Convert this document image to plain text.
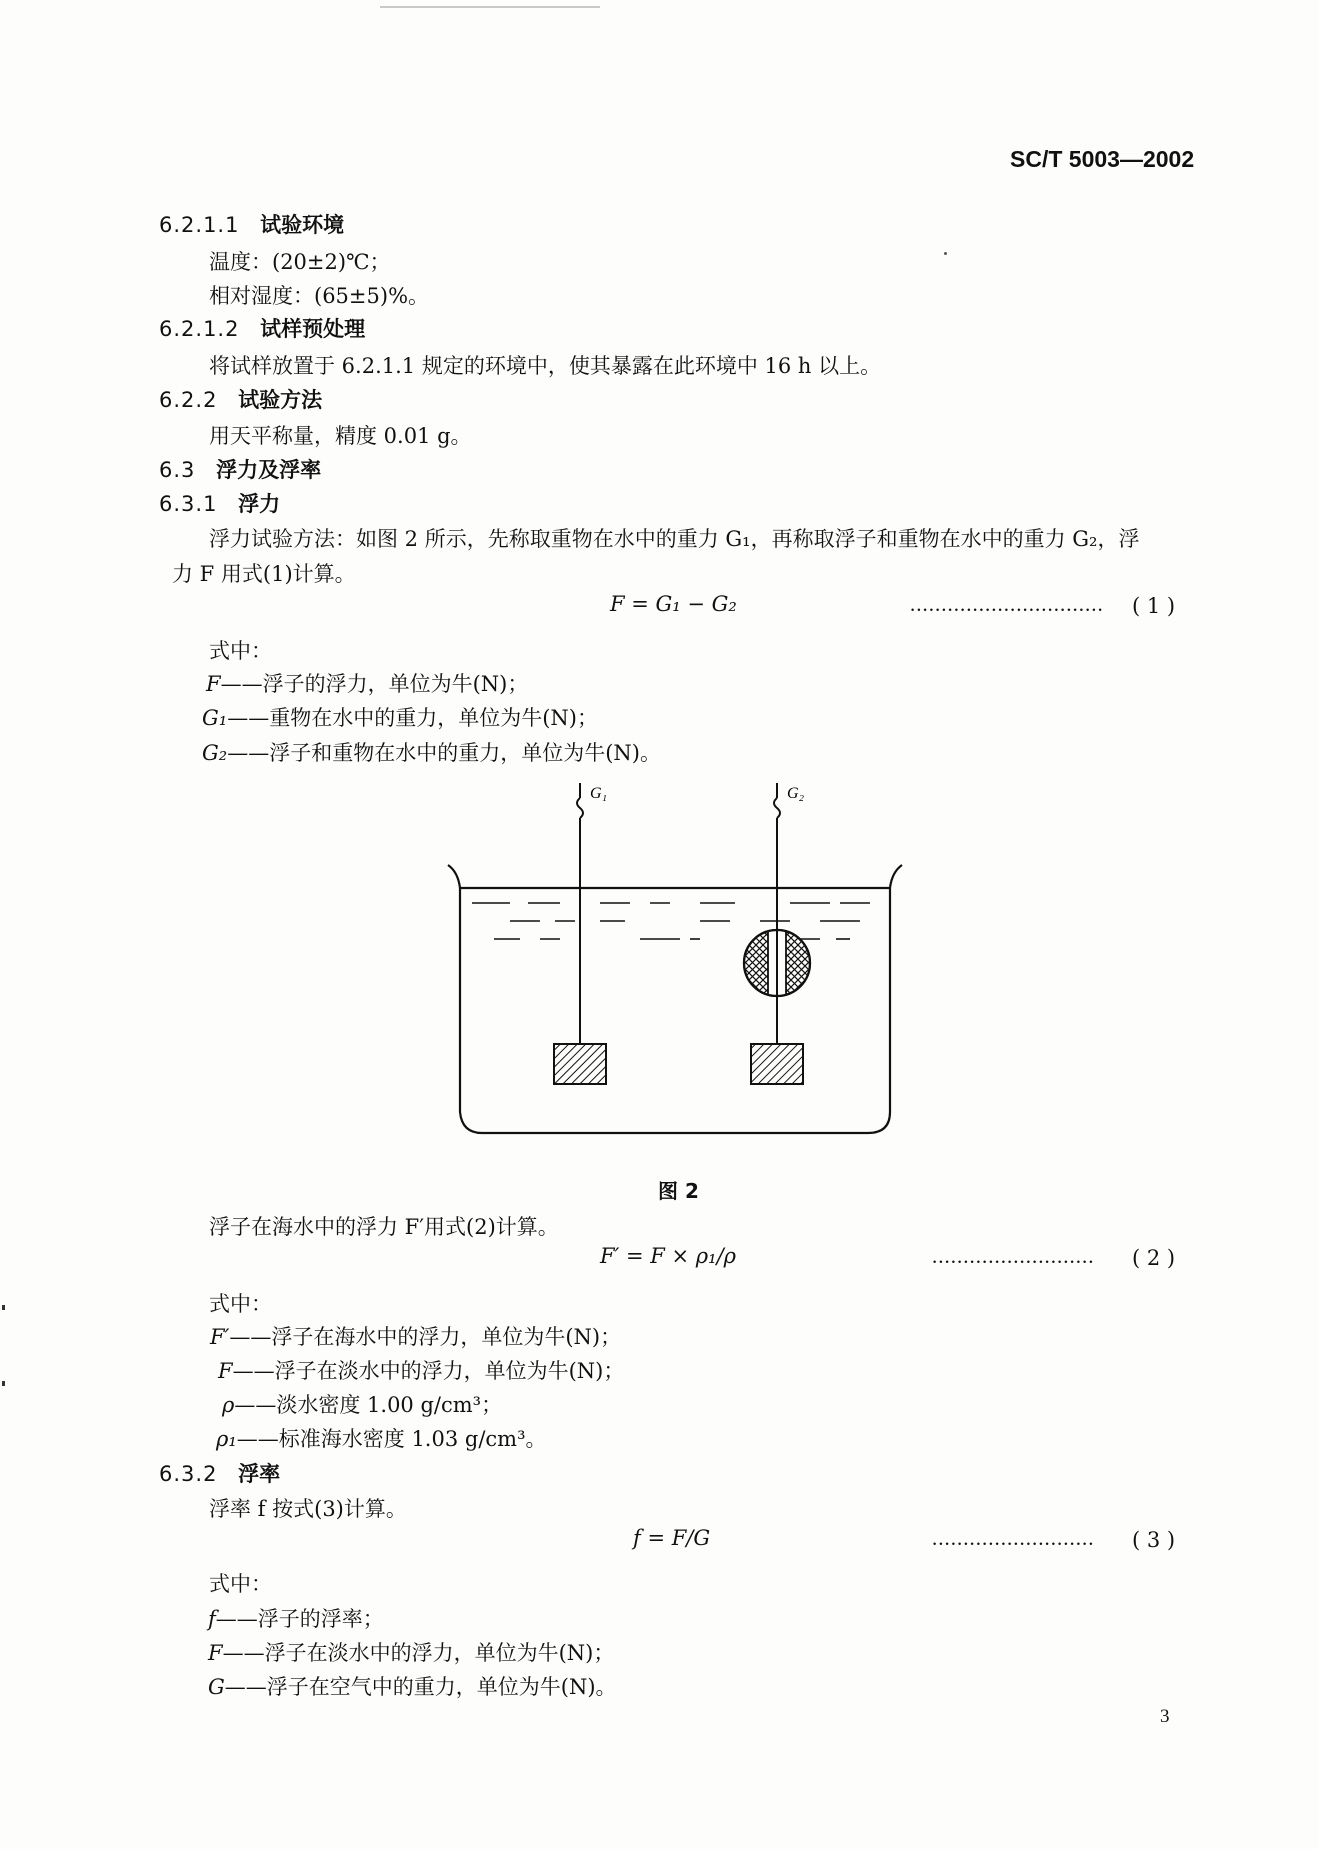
SC/T 5003—2002
6.2.1.1 试验环境
温度：(20±2)℃；
相对湿度：(65±5)%。
6.2.1.2 试样预处理
将试样放置于 6.2.1.1 规定的环境中，使其暴露在此环境中 16 h 以上。
6.2.2 试验方法
用天平称量，精度 0.01 g。
6.3 浮力及浮率
6.3.1 浮力
浮力试验方法：如图 2 所示，先称取重物在水中的重力 G₁，再称取浮子和重物在水中的重力 G₂，浮
力 F 用式(1)计算。
F = G₁ − G₂	............................... ( 1 )
式中：
F——浮子的浮力，单位为牛(N)；
G₁——重物在水中的重力，单位为牛(N)；
G₂——浮子和重物在水中的重力，单位为牛(N)。
G₁	G₂
图 2
浮子在海水中的浮力 F′用式(2)计算。
F′ = F × ρ₁/ρ	.......................... ( 2 )
式中：
F′——浮子在海水中的浮力，单位为牛(N)；
F——浮子在淡水中的浮力，单位为牛(N)；
ρ——淡水密度 1.00 g/cm³；
ρ₁——标准海水密度 1.03 g/cm³。
6.3.2 浮率
浮率 f 按式(3)计算。
f = F/G	.......................... ( 3 )
式中：
f——浮子的浮率；
F——浮子在淡水中的浮力，单位为牛(N)；
G——浮子在空气中的重力，单位为牛(N)。
3
